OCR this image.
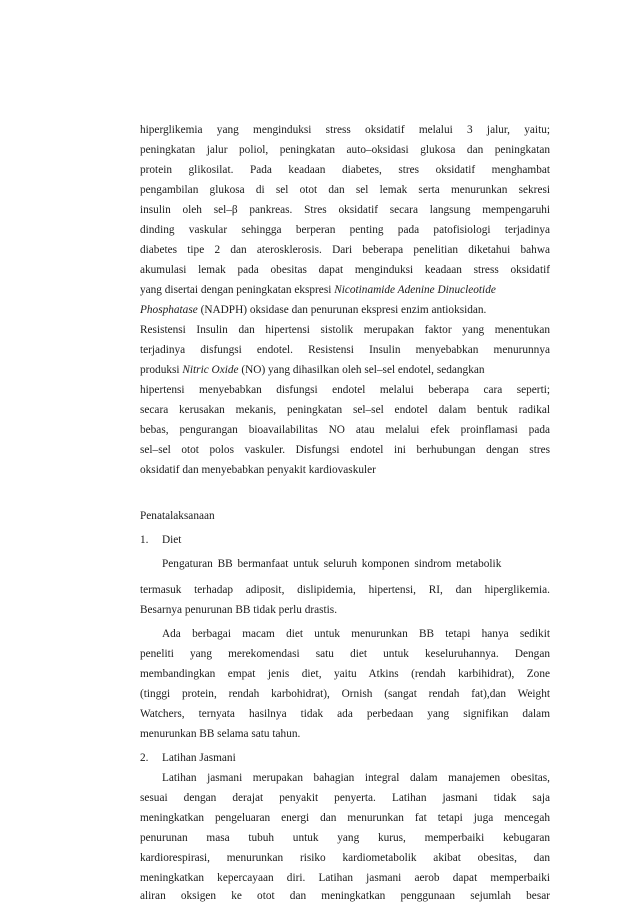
hiperglikemia yang menginduksi stress oksidatif melalui 3 jalur, yaitu;
peningkatan jalur poliol, peningkatan auto–oksidasi glukosa dan peningkatan
protein glikosilat. Pada keadaan diabetes, stres oksidatif menghambat
pengambilan glukosa di sel otot dan sel lemak serta menurunkan sekresi
insulin oleh sel–β pankreas. Stres oksidatif secara langsung mempengaruhi
dinding vaskular sehingga berperan penting pada patofisiologi terjadinya
diabetes tipe 2 dan aterosklerosis. Dari beberapa penelitian diketahui bahwa
akumulasi lemak pada obesitas dapat menginduksi keadaan stress oksidatif
yang disertai dengan peningkatan ekspresi Nicotinamide Adenine Dinucleotide
Phosphatase (NADPH) oksidase dan penurunan ekspresi enzim antioksidan.
Resistensi Insulin dan hipertensi sistolik merupakan faktor yang menentukan
terjadinya disfungsi endotel. Resistensi Insulin menyebabkan menurunnya
produksi Nitric Oxide (NO) yang dihasilkan oleh sel–sel endotel, sedangkan
hipertensi menyebabkan disfungsi endotel melalui beberapa cara seperti;
secara kerusakan mekanis, peningkatan sel–sel endotel dalam bentuk radikal
bebas, pengurangan bioavailabilitas NO atau melalui efek proinflamasi pada
sel–sel otot polos vaskuler. Disfungsi endotel ini berhubungan dengan stres
oksidatif dan menyebabkan penyakit kardiovaskuler
Penatalaksanaan
1. Diet
Pengaturan BB bermanfaat untuk seluruh komponen sindrom metabolik
termasuk terhadap adiposit, dislipidemia, hipertensi, RI, dan hiperglikemia.
Besarnya penurunan BB tidak perlu drastis.
Ada berbagai macam diet untuk menurunkan BB tetapi hanya sedikit
peneliti yang merekomendasi satu diet untuk keseluruhannya. Dengan
membandingkan empat jenis diet, yaitu Atkins (rendah karbihidrat), Zone
(tinggi protein, rendah karbohidrat), Ornish (sangat rendah fat),dan Weight
Watchers, ternyata hasilnya tidak ada perbedaan yang signifikan dalam
menurunkan BB selama satu tahun.
2. Latihan Jasmani
Latihan jasmani merupakan bahagian integral dalam manajemen obesitas,
sesuai dengan derajat penyakit penyerta. Latihan jasmani tidak saja
meningkatkan pengeluaran energi dan menurunkan fat tetapi juga mencegah
penurunan masa tubuh untuk yang kurus, memperbaiki kebugaran
kardiorespirasi, menurunkan risiko kardiometabolik akibat obesitas, dan
meningkatkan kepercayaan diri. Latihan jasmani aerob dapat memperbaiki
aliran oksigen ke otot dan meningkatkan penggunaan sejumlah besar
